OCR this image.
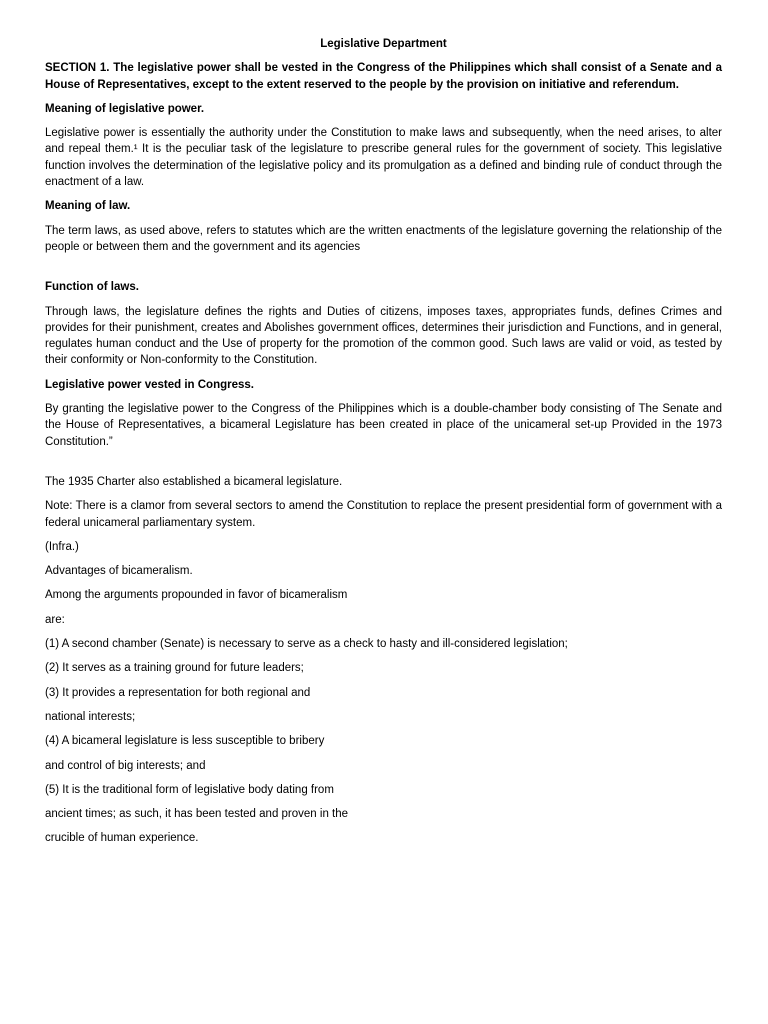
Legislative Department

SECTION 1. The legislative power shall be vested in the Congress of the Philippines which shall consist of a Senate and a House of Representatives, except to the extent reserved to the people by the provision on initiative and referendum.

Meaning of legislative power.

Legislative power is essentially the authority under the Constitution to make laws and subsequently, when the need arises, to alter and repeal them.¹ It is the peculiar task of the legislature to prescribe general rules for the government of society. This legislative function involves the determination of the legislative policy and its promulgation as a defined and binding rule of conduct through the enactment of a law.

Meaning of law.

The term laws, as used above, refers to statutes which are the written enactments of the legislature governing the relationship of the people or between them and the government and its agencies

Function of laws.

Through laws, the legislature defines the rights and Duties of citizens, imposes taxes, appropriates funds, defines Crimes and provides for their punishment, creates and Abolishes government offices, determines their jurisdiction and Functions, and in general, regulates human conduct and the Use of property for the promotion of the common good. Such laws are valid or void, as tested by their conformity or Non-conformity to the Constitution.

Legislative power vested in Congress.

By granting the legislative power to the Congress of the Philippines which is a double-chamber body consisting of The Senate and the House of Representatives, a bicameral Legislature has been created in place of the unicameral set-up Provided in the 1973 Constitution.”

The 1935 Charter also established a bicameral legislature.

Note: There is a clamor from several sectors to amend the Constitution to replace the present presidential form of government with a federal unicameral parliamentary system.

(Infra.)
Advantages of bicameralism.
Among the arguments propounded in favor of bicameralism
are:
(1) A second chamber (Senate) is necessary to serve as a check to hasty and ill-considered legislation;
(2) It serves as a training ground for future leaders;
(3) It provides a representation for both regional and
national interests;
(4) A bicameral legislature is less susceptible to bribery
and control of big interests; and
(5) It is the traditional form of legislative body dating from
ancient times; as such, it has been tested and proven in the
crucible of human experience.
